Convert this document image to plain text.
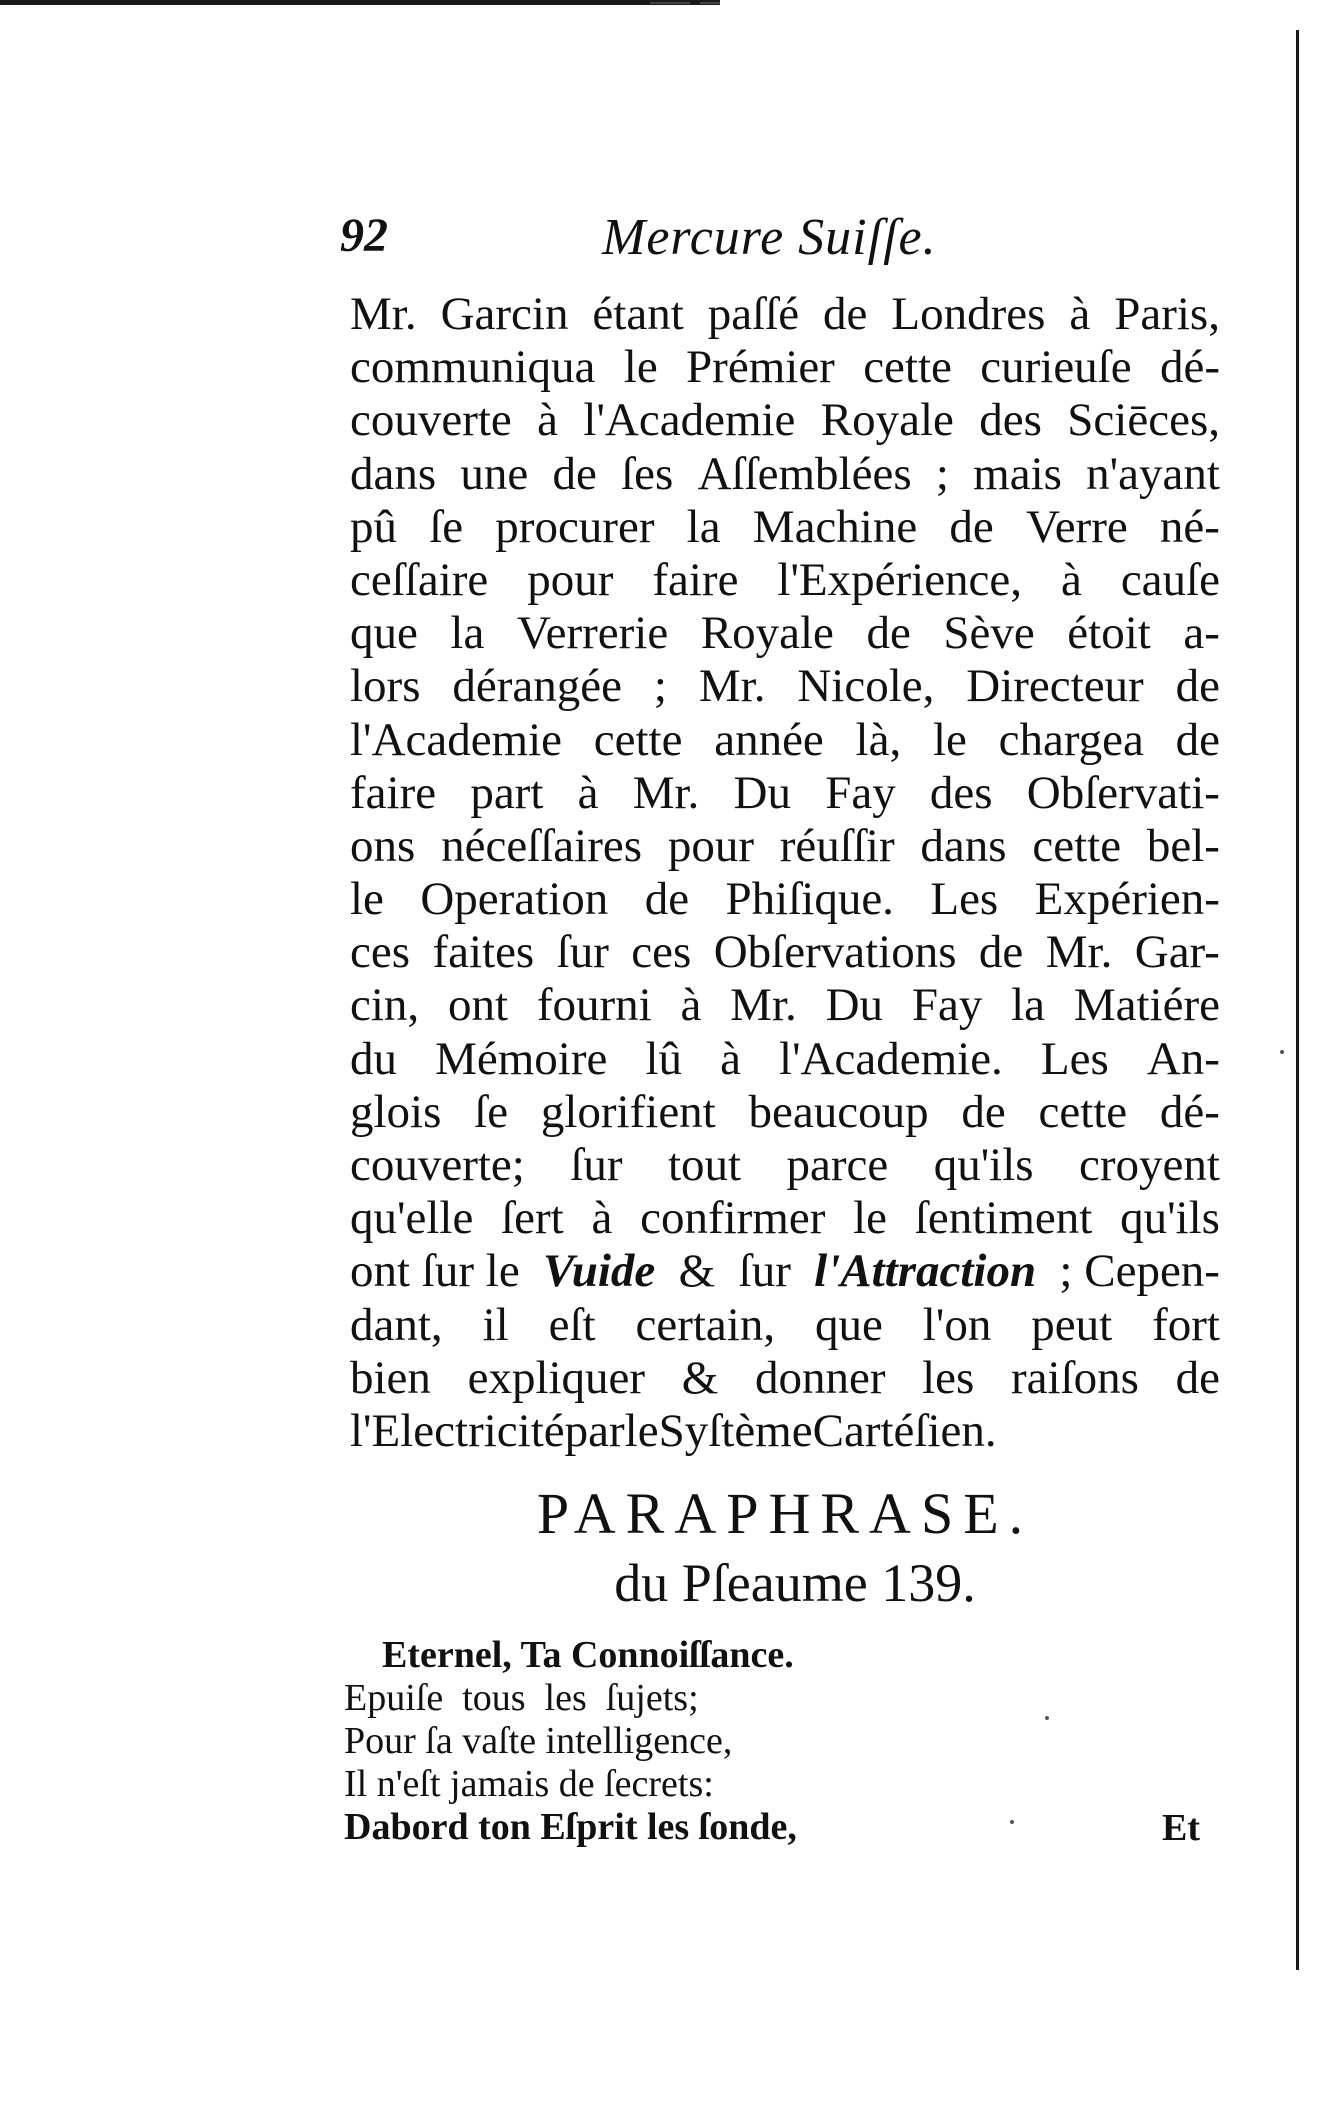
92	Mercure Suiſſe.
Mr. Garcin étant paſſé de Londres à Paris,
communiqua le Prémier cette curieuſe dé-
couverte à l'Academie Royale des Sciēces,
dans une de ſes Aſſemblées ; mais n'ayant
pû ſe procurer la Machine de Verre né-
ceſſaire pour faire l'Expérience, à cauſe
que la Verrerie Royale de Sève étoit a-
lors dérangée ; Mr. Nicole, Directeur de
l'Academie cette année là, le chargea de
faire part à Mr. Du Fay des Obſervati-
ons néceſſaires pour réuſſir dans cette bel-
le Operation de Phiſique. Les Expérien-
ces faites ſur ces Obſervations de Mr. Gar-
cin, ont fourni à Mr. Du Fay la Matiére
du Mémoire lû à l'Academie. Les An-
glois ſe glorifient beaucoup de cette dé-
couverte; ſur tout parce qu'ils croyent
qu'elle ſert à confirmer le ſentiment qu'ils
ont ſur le Vuide &  ſur l'Attraction ; Cepen-
dant, il eſt certain, que l'on peut fort
bien expliquer & donner les raiſons de
l'Electricité par le Syſtème Cartéſien.
PARAPHRASE.
du Pſeaume 139.
Eternel, Ta Connoiſſance.
Epuiſe  tous  les  ſujets;
Pour ſa vaſte intelligence,
Il n'eſt jamais de ſecrets:
Dabord ton Eſprit les ſonde,	Et
